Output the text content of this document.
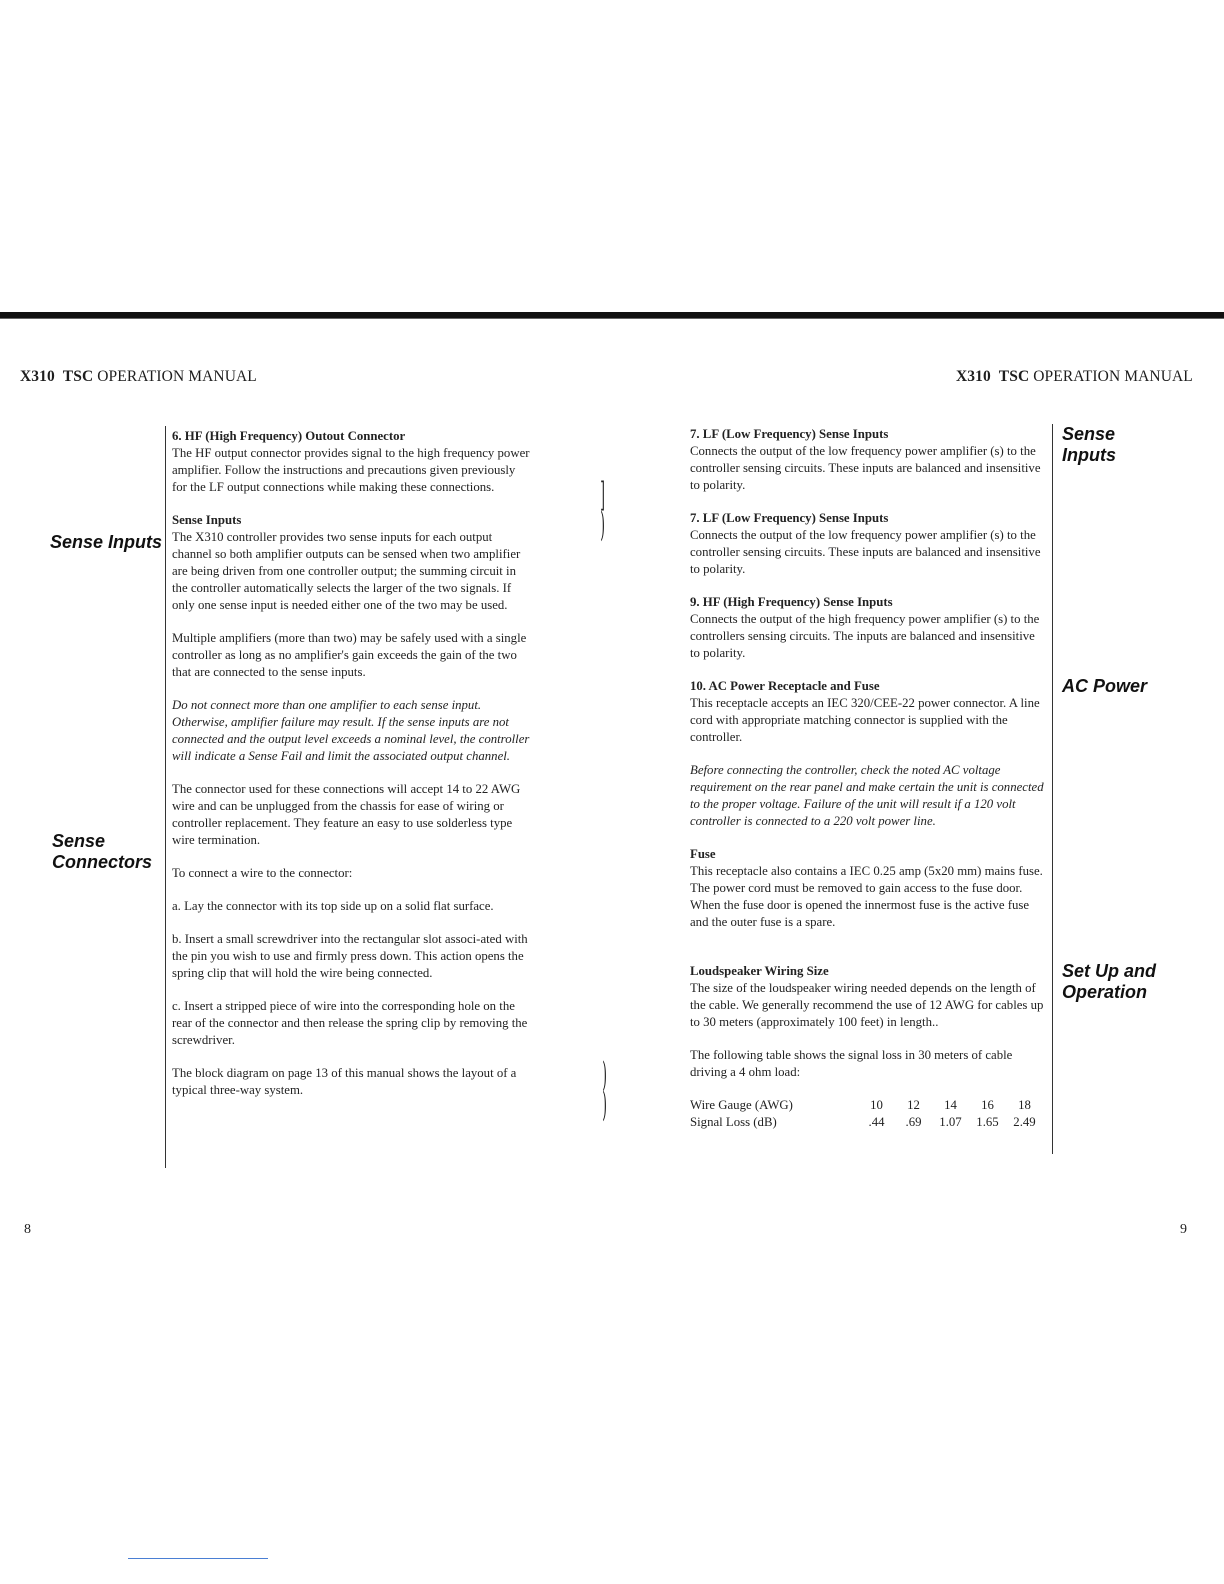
X310 TSC OPERATION MANUAL	X310 TSC OPERATION MANUAL
Sense Inputs
Sense
Connectors

6. HF (High Frequency) Outout Connector
The HF output connector provides signal to the high frequency power amplifier. Follow the instructions and precautions given previously for the LF output connections while making these connections.

Sense Inputs
The X310 controller provides two sense inputs for each output channel so both amplifier outputs can be sensed when two amplifier are being driven from one controller output; the summing circuit in the controller automatically selects the larger of the two signals. If only one sense input is needed either one of the two may be used.

Multiple amplifiers (more than two) may be safely used with a single controller as long as no amplifier's gain exceeds the gain of the two that are connected to the sense inputs.

Do not connect more than one amplifier to each sense input. Otherwise, amplifier failure may result. If the sense inputs are not connected and the output level exceeds a nominal level, the controller will indicate a Sense Fail and limit the associated output channel.

The connector used for these connections will accept 14 to 22 AWG wire and can be unplugged from the chassis for ease of wiring or controller replacement. They feature an easy to use solderless type wire termination.

To connect a wire to the connector:

a. Lay the connector with its top side up on a solid flat surface.

b. Insert a small screwdriver into the rectangular slot associ-ated with the pin you wish to use and firmly press down. This action opens the spring clip that will hold the wire being connected.

c. Insert a stripped piece of wire into the corresponding hole on the rear of the connector and then release the spring clip by removing the screwdriver.

The block diagram on page 13 of this manual shows the layout of a typical three-way system.

]
)
)
)

7. LF (Low Frequency) Sense Inputs
Connects the output of the low frequency power amplifier (s) to the controller sensing circuits. These inputs are balanced and insensitive to polarity.

7. LF (Low Frequency) Sense Inputs
Connects the output of the low frequency power amplifier (s) to the controller sensing circuits. These inputs are balanced and insensitive to polarity.

9. HF (High Frequency) Sense Inputs
Connects the output of the high frequency power amplifier (s) to the controllers sensing circuits. The inputs are balanced and insensitive to polarity.

10. AC Power Receptacle and Fuse
This receptacle accepts an IEC 320/CEE-22 power connector. A line cord with appropriate matching connector is supplied with the controller.

Before connecting the controller, check the noted AC voltage requirement on the rear panel and make certain the unit is connected to the proper voltage. Failure of the unit will result if a 120 volt controller is connected to a 220 volt power line.

Fuse
This receptacle also contains a IEC 0.25 amp (5x20 mm) mains fuse. The power cord must be removed to gain access to the fuse door. When the fuse door is opened the innermost fuse is the active fuse and the outer fuse is a spare.

Loudspeaker Wiring Size
The size of the loudspeaker wiring needed depends on the length of the cable. We generally recommend the use of 12 AWG for cables up to 30 meters (approximately 100 feet) in length..

The following table shows the signal loss in 30 meters of cable driving a 4 ohm load:

Wire Gauge (AWG)	10	12	14	16	18
Signal Loss (dB)	.44	.69	1.07	1.65	2.49
Sense
Inputs
AC Power
Set Up and
Operation
8	9
